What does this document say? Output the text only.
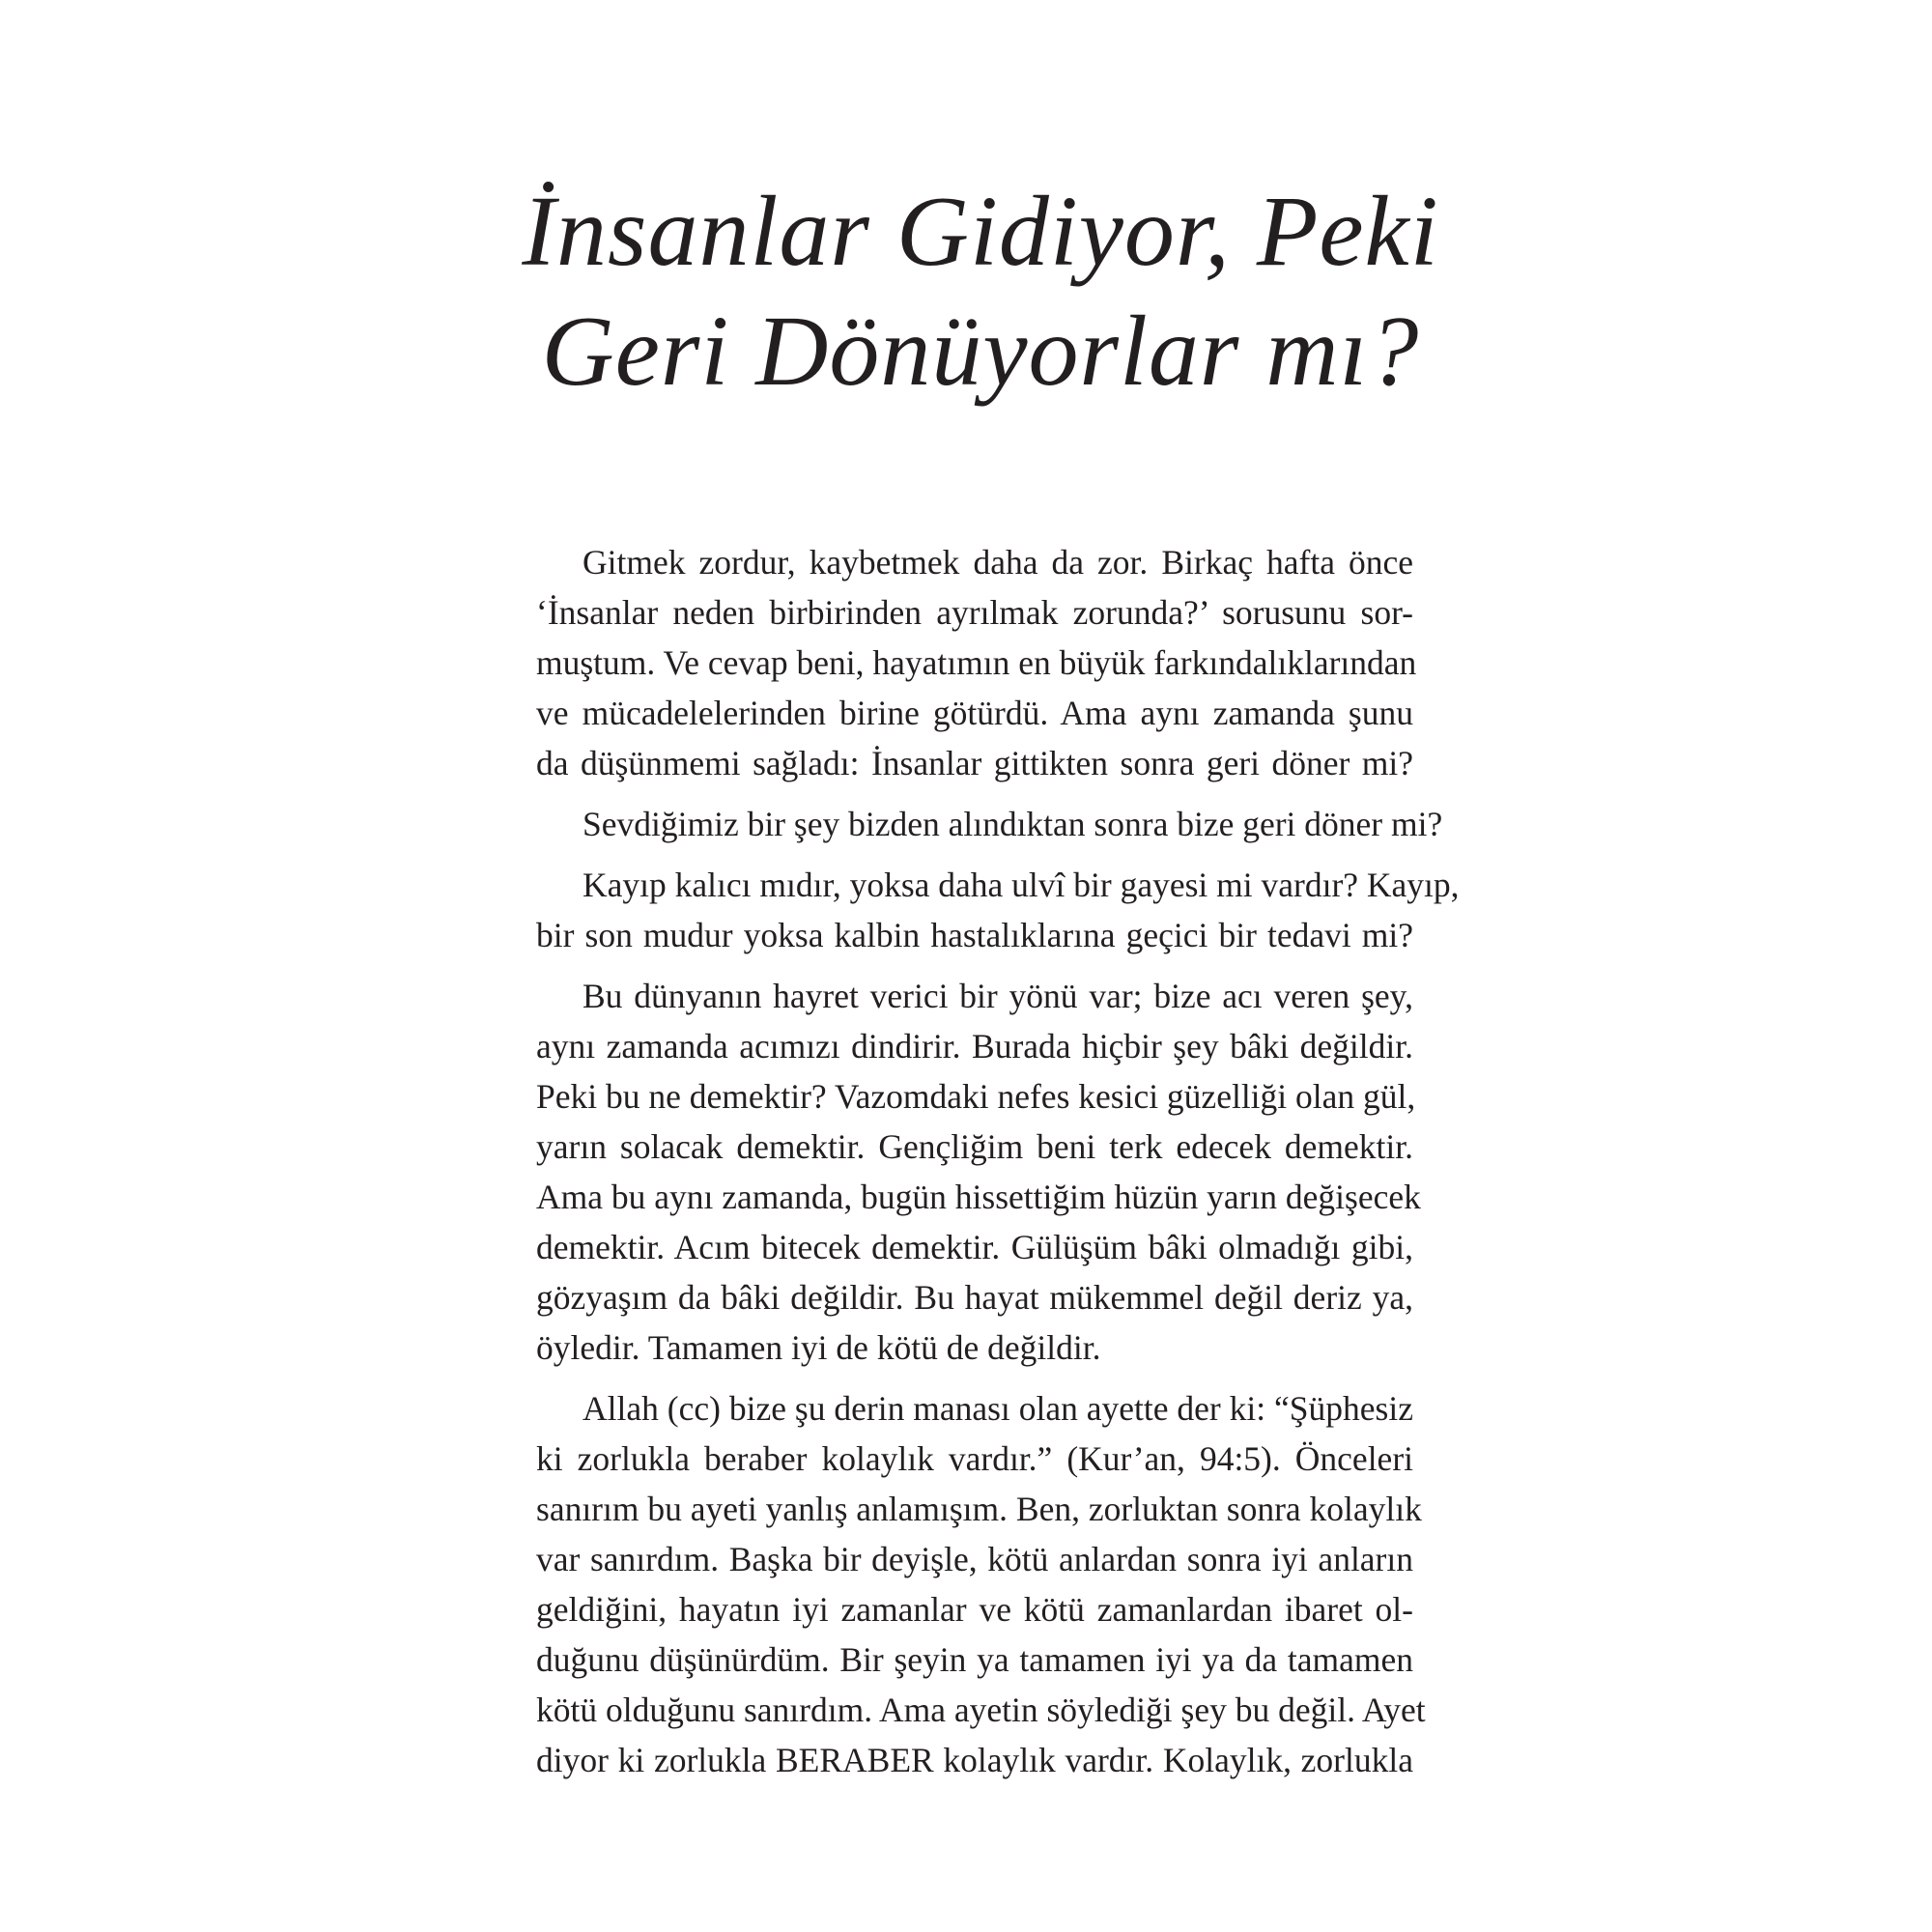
İnsanlar Gidiyor, Peki
Geri Dönüyorlar mı?

Gitmek zordur, kaybetmek daha da zor. Birkaç hafta önce
‘İnsanlar neden birbirinden ayrılmak zorunda?’ sorusunu sor-
muştum. Ve cevap beni, hayatımın en büyük farkındalıklarından
ve mücadelelerinden birine götürdü. Ama aynı zamanda şunu
da düşünmemi sağladı: İnsanlar gittikten sonra geri döner mi?

Sevdiğimiz bir şey bizden alındıktan sonra bize geri döner mi?

Kayıp kalıcı mıdır, yoksa daha ulvî bir gayesi mi vardır? Kayıp,
bir son mudur yoksa kalbin hastalıklarına geçici bir tedavi mi?

Bu dünyanın hayret verici bir yönü var; bize acı veren şey,
aynı zamanda acımızı dindirir. Burada hiçbir şey bâki değildir.
Peki bu ne demektir? Vazomdaki nefes kesici güzelliği olan gül,
yarın solacak demektir. Gençliğim beni terk edecek demektir.
Ama bu aynı zamanda, bugün hissettiğim hüzün yarın değişecek
demektir. Acım bitecek demektir. Gülüşüm bâki olmadığı gibi,
gözyaşım da bâki değildir. Bu hayat mükemmel değil deriz ya,
öyledir. Tamamen iyi de kötü de değildir.

Allah (cc) bize şu derin manası olan ayette der ki: “Şüphesiz
ki zorlukla beraber kolaylık vardır.” (Kur’an, 94:5). Önceleri
sanırım bu ayeti yanlış anlamışım. Ben, zorluktan sonra kolaylık
var sanırdım. Başka bir deyişle, kötü anlardan sonra iyi anların
geldiğini, hayatın iyi zamanlar ve kötü zamanlardan ibaret ol-
duğunu düşünürdüm. Bir şeyin ya tamamen iyi ya da tamamen
kötü olduğunu sanırdım. Ama ayetin söylediği şey bu değil. Ayet
diyor ki zorlukla BERABER kolaylık vardır. Kolaylık, zorlukla
